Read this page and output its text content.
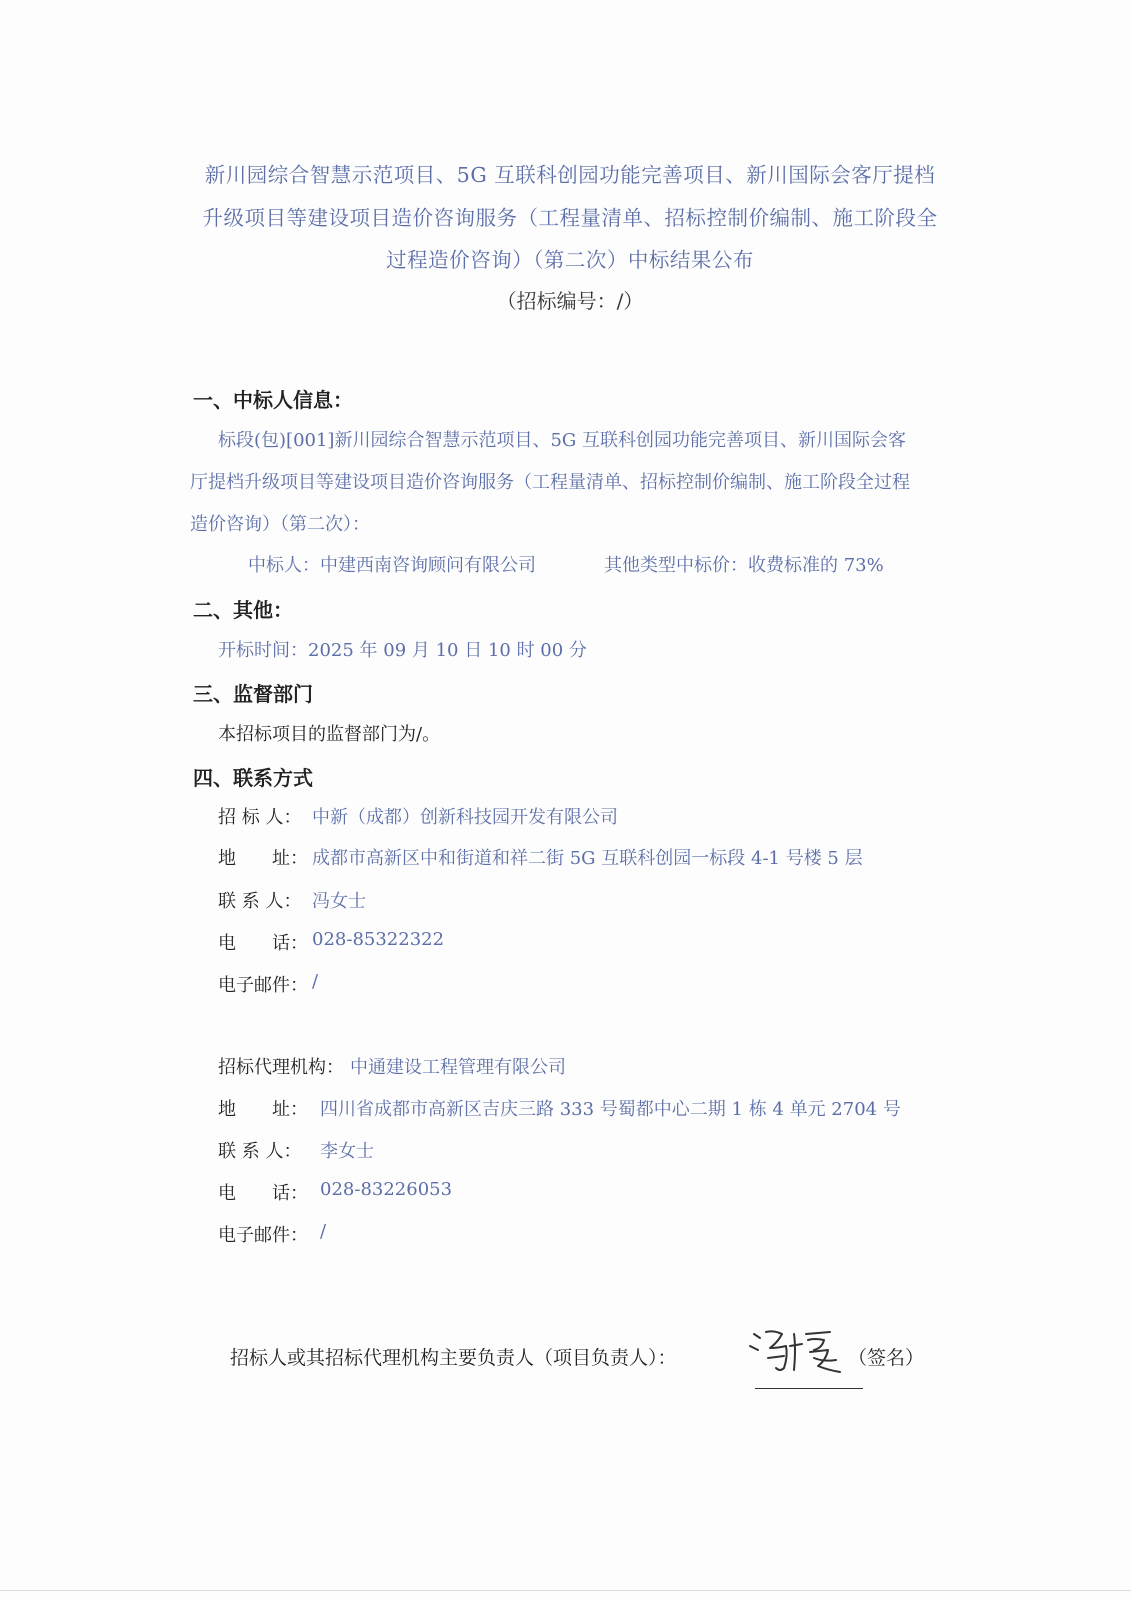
新川园综合智慧示范项目、5G 互联科创园功能完善项目、新川国际会客厅提档
升级项目等建设项目造价咨询服务（工程量清单、招标控制价编制、施工阶段全
过程造价咨询）（第二次）中标结果公布
（招标编号：/）
一、中标人信息：
标段(包)[001]新川园综合智慧示范项目、5G 互联科创园功能完善项目、新川国际会客
厅提档升级项目等建设项目造价咨询服务（工程量清单、招标控制价编制、施工阶段全过程
造价咨询）（第二次）：
中标人：中建西南咨询顾问有限公司	其他类型中标价：收费标准的 73%
二、其他：
开标时间：2025 年 09 月 10 日 10 时 00 分
三、监督部门
本招标项目的监督部门为/。
四、联系方式
招 标 人： 中新（成都）创新科技园开发有限公司
地　　址： 成都市高新区中和街道和祥二街 5G 互联科创园一标段 4-1 号楼 5 层
联 系 人： 冯女士
电　　话： 028-85322322
电子邮件： /
招标代理机构： 中通建设工程管理有限公司
地　　址： 四川省成都市高新区吉庆三路 333 号蜀都中心二期 1 栋 4 单元 2704 号
联 系 人： 李女士
电　　话： 028-83226053
电子邮件： /
招标人或其招标代理机构主要负责人（项目负责人）：	（签名）
